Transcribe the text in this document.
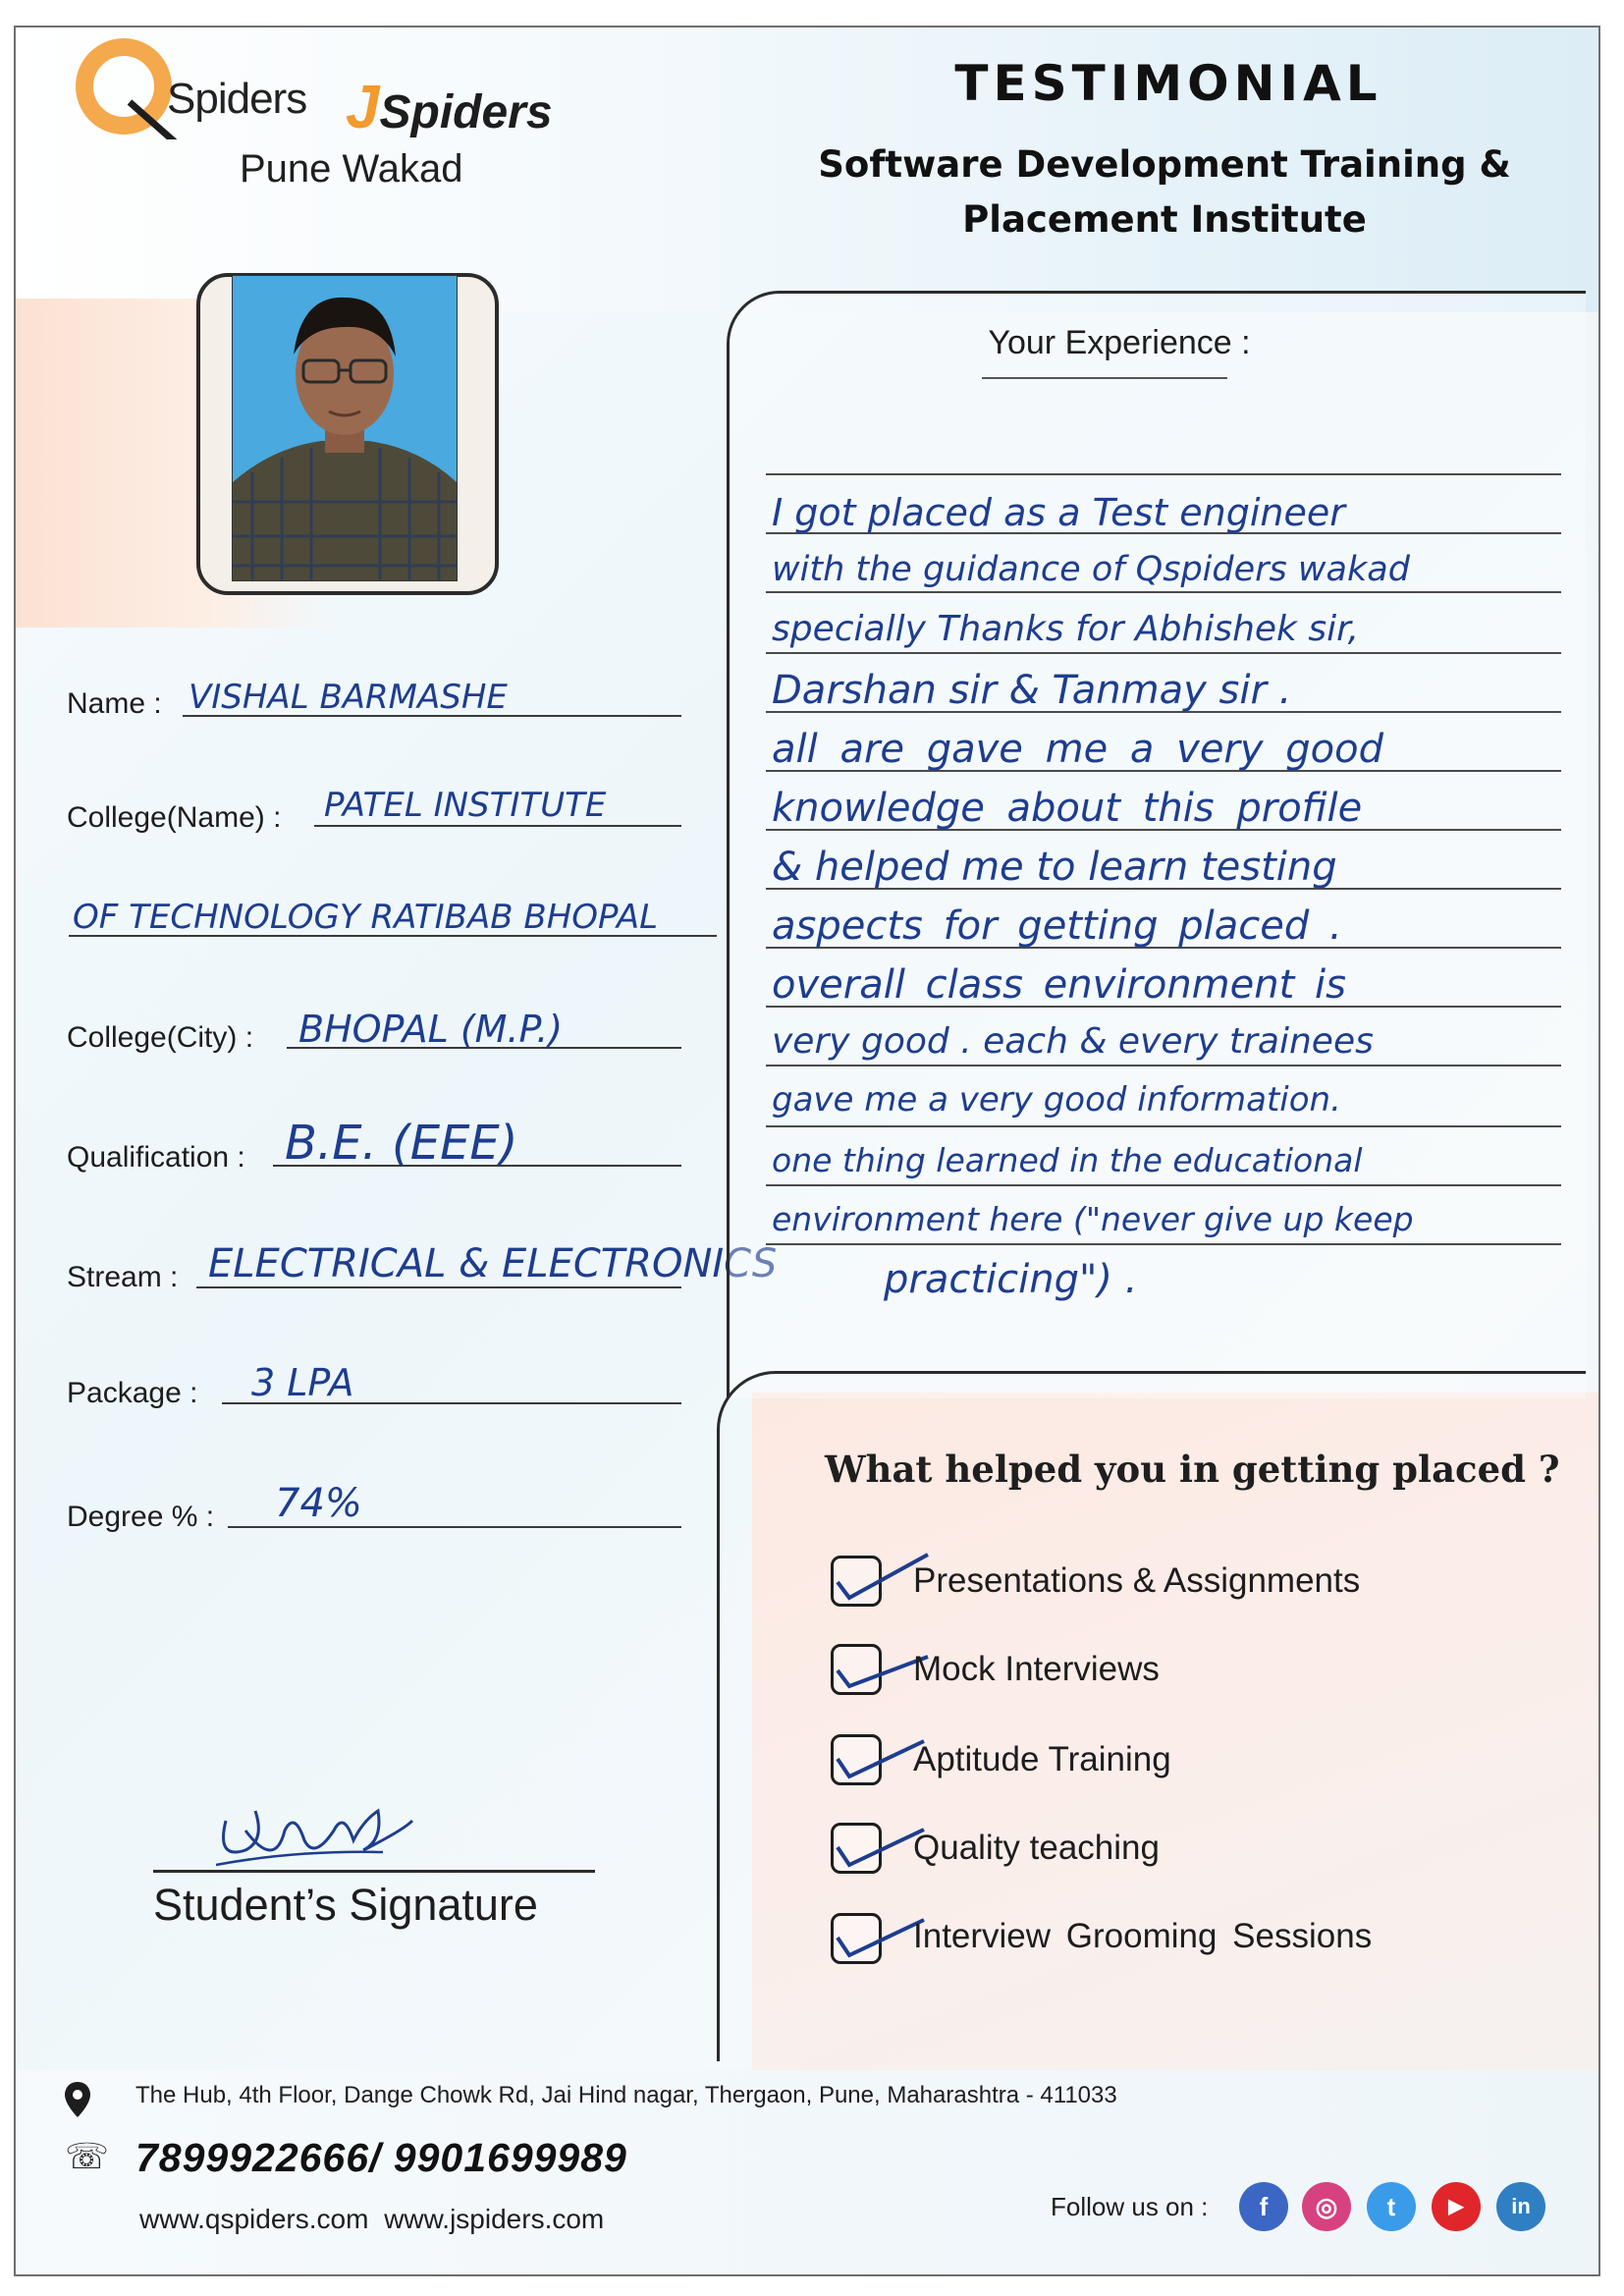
Spiders JSpiders
Pune Wakad
TESTIMONIAL
Software Development Training &
Placement Institute
Name : VISHAL BARMASHE
College(Name) : PATEL INSTITUTE
OF TECHNOLOGY RATIBAB BHOPAL
College(City) : BHOPAL (M.P.)
Qualification : B.E. (EEE)
Stream : ELECTRICAL & ELECTRONICS
Package : 3 LPA
Degree % : 74%
Your Experience :
I got placed as a Test engineer
with the guidance of Qspiders wakad
specially Thanks for Abhishek sir,
Darshan sir & Tanmay sir .
all are gave me a very good
knowledge about this profile
& helped me to learn testing
aspects for getting placed .
overall class environment is
very good . each & every trainees
gave me a very good information.
one thing learned in the educational
environment here ("never give up keep
practicing") .
What helped you in getting placed ?
Presentations & Assignments
Mock Interviews
Aptitude Training
Quality teaching
Interview Grooming Sessions
Student’s Signature
The Hub, 4th Floor, Dange Chowk Rd, Jai Hind nagar, Thergaon, Pune, Maharashtra - 411033
☏ 7899922666/ 9901699989
www.qspiders.com www.jspiders.com	Follow us on :	f	◎	t	▶	in
